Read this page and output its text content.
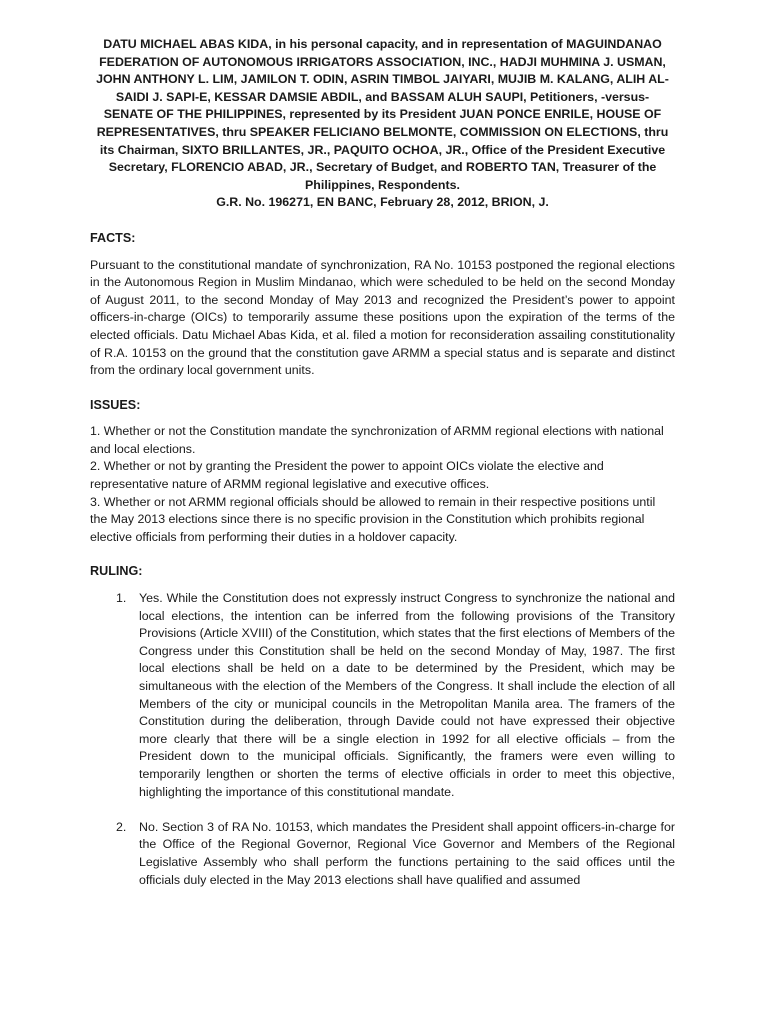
DATU MICHAEL ABAS KIDA, in his personal capacity, and in representation of MAGUINDANAO FEDERATION OF AUTONOMOUS IRRIGATORS ASSOCIATION, INC., HADJI MUHMINA J. USMAN, JOHN ANTHONY L. LIM, JAMILON T. ODIN, ASRIN TIMBOL JAIYARI, MUJIB M. KALANG, ALIH AL-SAIDI J. SAPI-E, KESSAR DAMSIE ABDIL, and BASSAM ALUH SAUPI, Petitioners, -versus- SENATE OF THE PHILIPPINES, represented by its President JUAN PONCE ENRILE, HOUSE OF REPRESENTATIVES, thru SPEAKER FELICIANO BELMONTE, COMMISSION ON ELECTIONS, thru its Chairman, SIXTO BRILLANTES, JR., PAQUITO OCHOA, JR., Office of the President Executive Secretary, FLORENCIO ABAD, JR., Secretary of Budget, and ROBERTO TAN, Treasurer of the Philippines, Respondents.

G.R. No. 196271, EN BANC, February 28, 2012, BRION, J.

FACTS:

Pursuant to the constitutional mandate of synchronization, RA No. 10153 postponed the regional elections in the Autonomous Region in Muslim Mindanao, which were scheduled to be held on the second Monday of August 2011, to the second Monday of May 2013 and recognized the President’s power to appoint officers-in-charge (OICs) to temporarily assume these positions upon the expiration of the terms of the elected officials. Datu Michael Abas Kida, et al. filed a motion for reconsideration assailing constitutionality of R.A. 10153 on the ground that the constitution gave ARMM a special status and is separate and distinct from the ordinary local government units.

ISSUES:

1. Whether or not the Constitution mandate the synchronization of ARMM regional elections with national and local elections.

2. Whether or not by granting the President the power to appoint OICs violate the elective and representative nature of ARMM regional legislative and executive offices.

3. Whether or not ARMM regional officials should be allowed to remain in their respective positions until the May 2013 elections since there is no specific provision in the Constitution which prohibits regional elective officials from performing their duties in a holdover capacity.

RULING:

1. Yes. While the Constitution does not expressly instruct Congress to synchronize the national and local elections, the intention can be inferred from the following provisions of the Transitory Provisions (Article XVIII) of the Constitution, which states that the first elections of Members of the Congress under this Constitution shall be held on the second Monday of May, 1987. The first local elections shall be held on a date to be determined by the President, which may be simultaneous with the election of the Members of the Congress. It shall include the election of all Members of the city or municipal councils in the Metropolitan Manila area. The framers of the Constitution during the deliberation, through Davide could not have expressed their objective more clearly that there will be a single election in 1992 for all elective officials – from the President down to the municipal officials. Significantly, the framers were even willing to temporarily lengthen or shorten the terms of elective officials in order to meet this objective, highlighting the importance of this constitutional mandate.
2. No. Section 3 of RA No. 10153, which mandates the President shall appoint officers-in-charge for the Office of the Regional Governor, Regional Vice Governor and Members of the Regional Legislative Assembly who shall perform the functions pertaining to the said offices until the officials duly elected in the May 2013 elections shall have qualified and assumed
